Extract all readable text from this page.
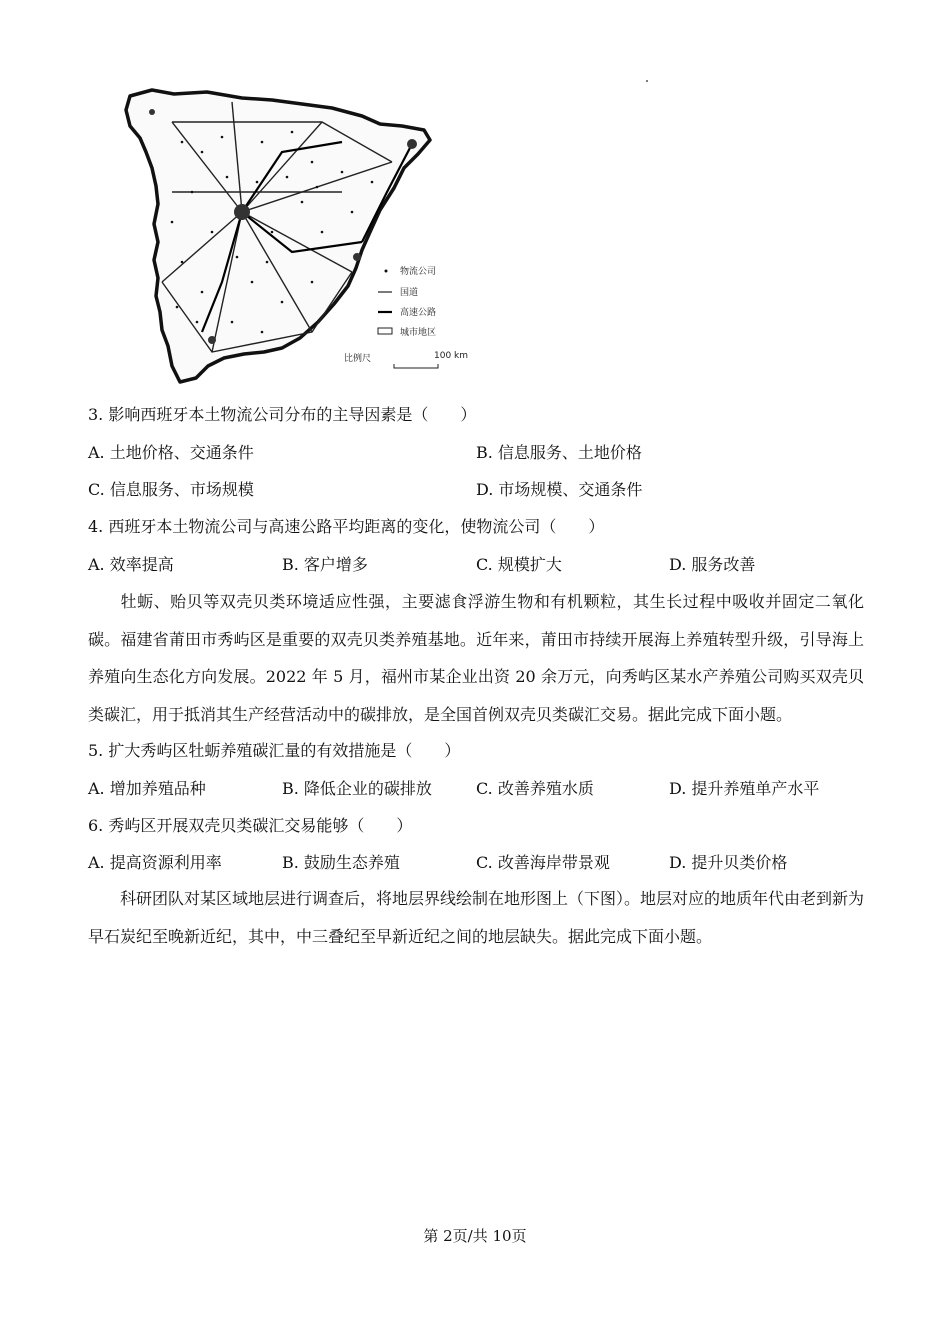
物流公司
国道
高速公路
城市地区
比例尺	100 km
3. 影响西班牙本土物流公司分布的主导因素是（　　）
A. 土地价格、交通条件	B. 信息服务、土地价格
C. 信息服务、市场规模	D. 市场规模、交通条件
4. 西班牙本土物流公司与高速公路平均距离的变化，使物流公司（　　）
A. 效率提高	B. 客户增多	C. 规模扩大	D. 服务改善
牡蛎、贻贝等双壳贝类环境适应性强，主要滤食浮游生物和有机颗粒，其生长过程中吸收并固定二氧化碳。福建省莆田市秀屿区是重要的双壳贝类养殖基地。近年来，莆田市持续开展海上养殖转型升级，引导海上养殖向生态化方向发展。2022 年 5 月，福州市某企业出资 20 余万元，向秀屿区某水产养殖公司购买双壳贝类碳汇，用于抵消其生产经营活动中的碳排放，是全国首例双壳贝类碳汇交易。据此完成下面小题。
5. 扩大秀屿区牡蛎养殖碳汇量的有效措施是（　　）
A. 增加养殖品种	B. 降低企业的碳排放	C. 改善养殖水质	D. 提升养殖单产水平
6. 秀屿区开展双壳贝类碳汇交易能够（　　）
A. 提高资源利用率	B. 鼓励生态养殖	C. 改善海岸带景观	D. 提升贝类价格
科研团队对某区域地层进行调查后，将地层界线绘制在地形图上（下图）。地层对应的地质年代由老到新为早石炭纪至晚新近纪，其中，中三叠纪至早新近纪之间的地层缺失。据此完成下面小题。
第 2页/共 10页
